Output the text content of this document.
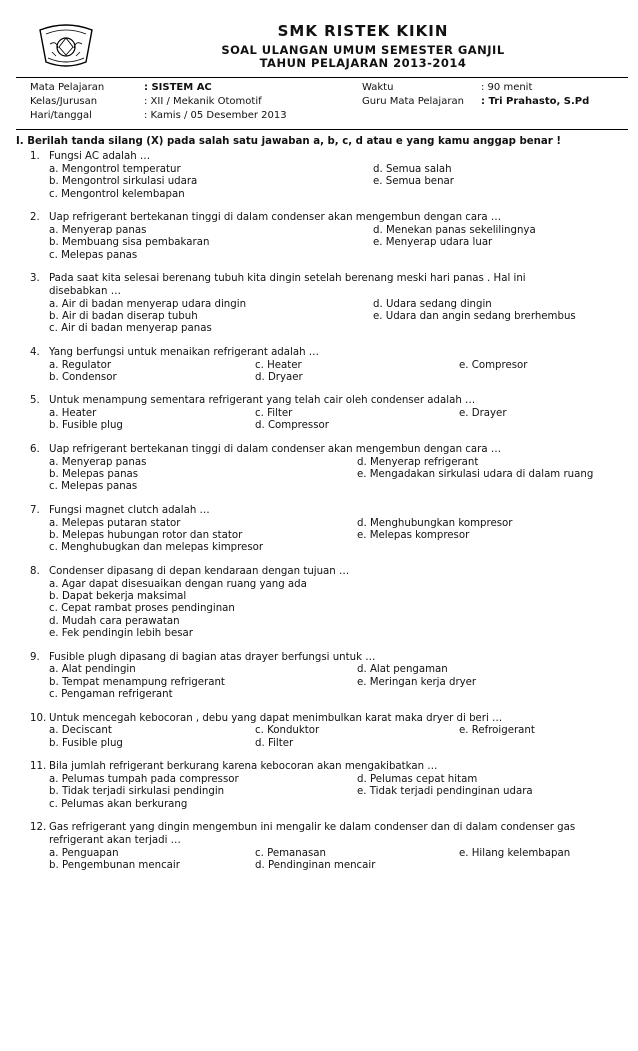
SMK RISTEK KIKIN
SOAL ULANGAN UMUM SEMESTER GANJIL
TAHUN PELAJARAN 2013-2014
Mata Pelajaran	: SISTEM AC	Waktu	: 90 menit
Kelas/Jurusan	: XII / Mekanik Otomotif	Guru Mata Pelajaran : Tri Prahasto, S.Pd
Hari/tanggal	: Kamis / 05 Desember 2013
I. Berilah tanda silang (X) pada salah satu jawaban a, b, c, d atau e yang kamu anggap benar !
1. Fungsi AC adalah …
a. Mengontrol temperatur	d. Semua salah
b. Mengontrol sirkulasi udara	e. Semua benar
c. Mengontrol kelembapan
2. Uap refrigerant bertekanan tinggi di dalam condenser akan mengembun dengan cara …
a. Menyerap panas	d. Menekan panas sekelilingnya
b. Membuang sisa pembakaran	e. Menyerap udara luar
c. Melepas panas
3. Pada saat kita selesai berenang tubuh kita dingin setelah berenang meski hari panas . Hal ini
disebabkan …
a. Air di badan menyerap udara dingin	d. Udara sedang dingin
b. Air di badan diserap tubuh	e. Udara dan angin sedang brerhembus
c. Air di badan menyerap panas
4. Yang berfungsi untuk menaikan refrigerant adalah …
a. Regulator	c. Heater	e. Compresor
b. Condensor	d. Dryaer
5. Untuk menampung sementara refrigerant yang telah cair oleh condenser adalah …
a. Heater	c. Filter	e. Drayer
b. Fusible plug	d. Compressor
6. Uap refrigerant bertekanan tinggi di dalam condenser akan mengembun dengan cara …
a. Menyerap panas	d. Menyerap refrigerant
b. Melepas panas	e. Mengadakan sirkulasi udara di dalam ruang
c. Melepas panas
7. Fungsi magnet clutch adalah …
a. Melepas putaran stator	d. Menghubungkan kompresor
b. Melepas hubungan rotor dan stator	e. Melepas kompresor
c. Menghubugkan dan melepas kimpresor
8. Condenser dipasang di depan kendaraan dengan tujuan …
a. Agar dapat disesuaikan dengan ruang yang ada
b. Dapat bekerja maksimal
c. Cepat rambat proses pendinginan
d. Mudah cara perawatan
e. Fek pendingin lebih besar
9. Fusible plugh dipasang di bagian atas drayer berfungsi untuk …
a. Alat pendingin	d. Alat pengaman
b. Tempat menampung refrigerant	e. Meringan kerja dryer
c. Pengaman refrigerant
10. Untuk mencegah kebocoran , debu yang dapat menimbulkan karat maka dryer di beri …
a. Deciscant	c. Konduktor	e. Refroigerant
b. Fusible plug	d. Filter
11. Bila jumlah refrigerant berkurang karena kebocoran akan mengakibatkan …
a. Pelumas tumpah pada compressor	d. Pelumas cepat hitam
b. Tidak terjadi sirkulasi pendingin	e. Tidak terjadi pendinginan udara
c. Pelumas akan berkurang
12. Gas refrigerant yang dingin mengembun ini mengalir ke dalam condenser dan di dalam condenser gas
refrigerant akan terjadi …
a. Penguapan	c. Pemanasan	e. Hilang kelembapan
b. Pengembunan mencair	d. Pendinginan mencair
